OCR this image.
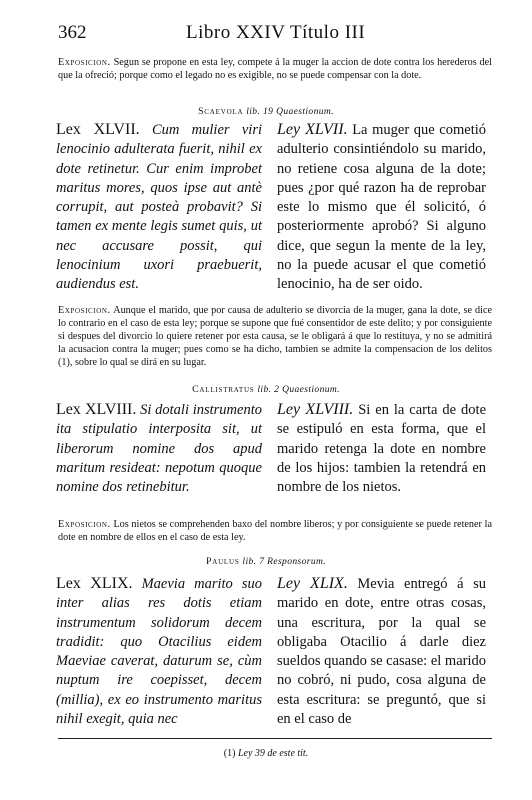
362	Libro XXIV Título III
Exposicion. Segun se propone en esta ley, compete á la muger la accion de dote contra los herederos del que la ofreció; porque como el legado no es exigible, no se puede compensar con la dote.
Scaevola lib. 19 Quaestionum.
Lex XLVII. Cum mulier viri lenocinio adulterata fuerit, nihil ex dote retinetur. Cur enim improbet maritus mores, quos ipse aut antè corrupit, aut posteà probavit? Si tamen ex mente legis sumet quis, ut nec accusare possit, qui lenocinium uxori praebuerit, audiendus est.
Ley XLVII. La muger que cometió adulterio consintiéndolo su marido, no retiene cosa alguna de la dote; pues ¿por qué razon ha de reprobar este lo mismo que él solicitó, ó posteriormente aprobó? Si alguno dice, que segun la mente de la ley, no la puede acusar el que cometió lenocinio, ha de ser oido.
Exposicion. Aunque el marido, que por causa de adulterio se divorcia de la muger, gana la dote, se dice lo contrario en el caso de esta ley; porque se supone que fué consentidor de este delito; y por consiguiente si despues del divorcio lo quiere retener por esta causa, se le obligará á que lo restituya, y no se admitirá la acusacion contra la muger; pues como se ha dicho, tambien se admite la compensacion de los delitos (1), sobre lo qual se dirá en su lugar.
Callistratus lib. 2 Quaestionum.
Lex XLVIII. Si dotali instrumento ita stipulatio interposita sit, ut liberorum nomine dos apud maritum resideat: nepotum quoque nomine dos retinebitur.
Ley XLVIII. Si en la carta de dote se estipuló en esta forma, que el marido retenga la dote en nombre de los hijos: tambien la retendrá en nombre de los nietos.
Exposicion. Los nietos se comprehenden baxo del nombre liberos; y por consiguiente se puede retener la dote en nombre de ellos en el caso de esta ley.
Paulus lib. 7 Responsorum.
Lex XLIX. Maevia marito suo inter alias res dotis etiam instrumentum solidorum decem tradidit: quo Otacilius eidem Maeviae caverat, daturum se, cùm nuptum ire coepisset, decem (millia), ex eo instrumento maritus nihil exegit, quia nec
Ley XLIX. Mevia entregó á su marido en dote, entre otras cosas, una escritura, por la qual se obligaba Otacilio á darle diez sueldos quando se casase: el marido no cobró, ni pudo, cosa alguna de esta escritura: se preguntó, que si en el caso de
(1) Ley 39 de este tit.
